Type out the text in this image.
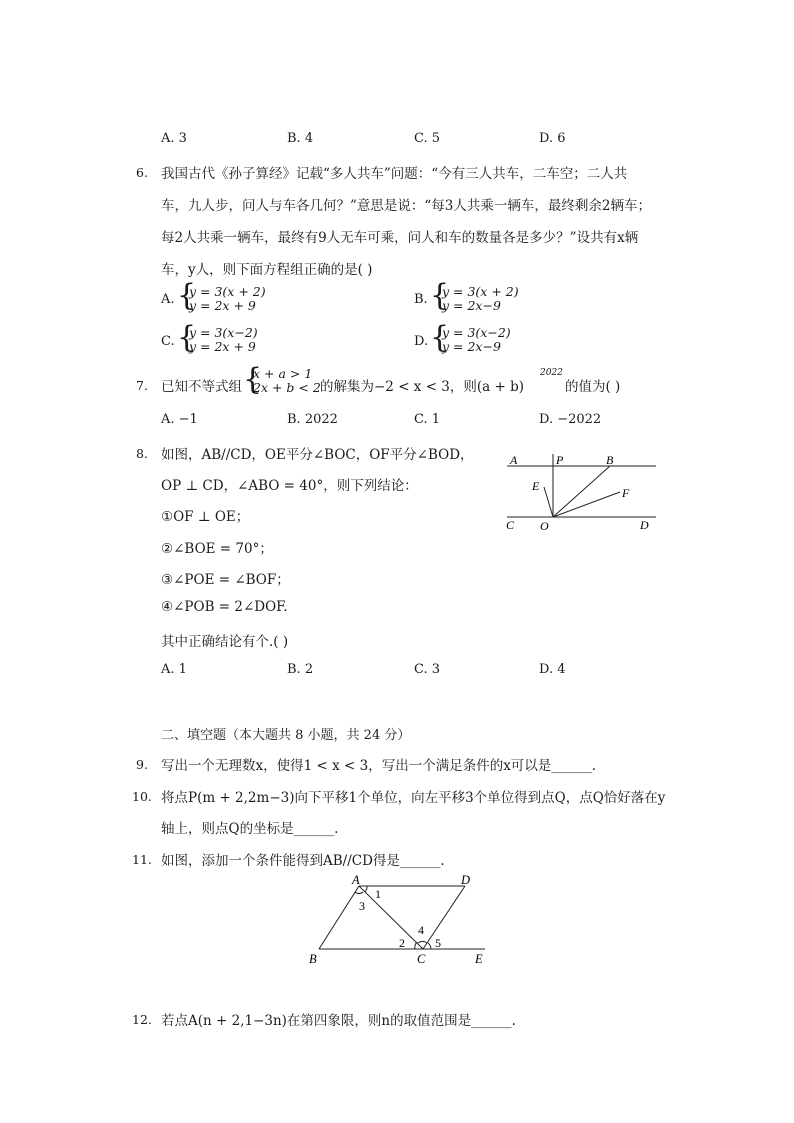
A. 3	B. 4	C. 5	D. 6
6. 我国古代《孙子算经》记载“多人共车”问题：“今有三人共车，二车空；二人共
车，九人步，问人与车各几何？”意思是说：“每3人共乘一辆车，最终剩余2辆车；
每2人共乘一辆车，最终有9人无车可乘，问人和车的数量各是多少？”设共有x辆
车，y人，则下面方程组正确的是( )
A. {
y = 3(x + 2)
y = 2x + 9	B. {
y = 3(x + 2)
y = 2x−9
C. {
y = 3(x−2)
y = 2x + 9	D. {
y = 3(x−2)
y = 2x−9
7. 已知不等式组 {
x + a > 1
2x + b < 2 的解集为−2 < x < 3，则(a + b)
2022
的值为( )
A. −1	B. 2022	C. 1	D. −2022
8. 如图，AB//CD，OE平分∠BOC，OF平分∠BOD，
OP ⊥ CD，∠ABO = 40°，则下列结论：
①OF ⊥ OE；
②∠BOE = 70°；
③∠POE = ∠BOF；
④∠POB = 2∠DOF.
其中正确结论有个.( )
A. 1	B. 2	C. 3	D. 4
A	P	B
E	F
C O	D
二、填空题（本大题共 8 小题，共 24 分）
9. 写出一个无理数x，使得1 < x < 3，写出一个满足条件的x可以是______.
10. 将点P(m + 2,2m−3)向下平移1个单位，向左平移3个单位得到点Q，点Q恰好落在y
轴上，则点Q的坐标是______.
11. 如图，添加一个条件能得到AB//CD得是______.
A	D
B	C	E
1
3
2
4
5
12. 若点A(n + 2,1−3n)在第四象限，则n的取值范围是______.
